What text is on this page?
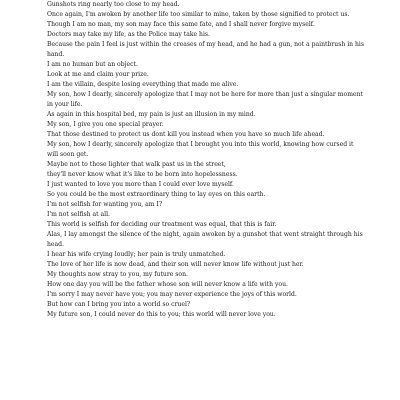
Gunshots ring nearly too close to my head.
Once again, I'm awoken by another life too similar to mine, taken by those signified to protect us.
Though I am no man, my son may face this same fate, and I shall never forgive myself.
Doctors may take my life, as the Police may take his.
Because the pain I feel is just within the creases of my head, and he had a gun, not a paintbrush in his hand.
I am no human but an object.
Look at me and claim your prize.
I am the villain, despite losing everything that made me alive.
My son, how I dearly, sincerely apologize that I may not be here for more than just a singular moment in your life.
As again in this hospital bed, my pain is just an illusion in my mind.
My son, I give you one special prayer.
That those destined to protect us dont kill you instead when you have so much life ahead.
My son, how I dearly, sincerely apologize that I brought you into this world, knowing how cursed it will soon get.
Maybe not to those lighter that walk past us in the street,
they'll never know what it's like to be born into hopelessness.
I just wanted to love you more than I could ever love myself.
So you could be the most extraordinary thing to lay eyes on this earth.
I'm not selfish for wanting you, am I?
I'm not selfish at all.
This world is selfish for deciding our treatment was equal, that this is fair.
Alas, I lay amongst the silence of the night, again awoken by a gunshot that went straight through his head.
I hear his wife crying loudly; her pain is truly unmatched.
The love of her life is now dead, and their son will never know life without just her.
My thoughts now stray to you, my future son.
How one day you will be the father whose son will never know a life with you.
I'm sorry I may never have you; you may never experience the joys of this world.
But how can I bring you into a world so cruel?
My future son, I could never do this to you; this world will never love you.
